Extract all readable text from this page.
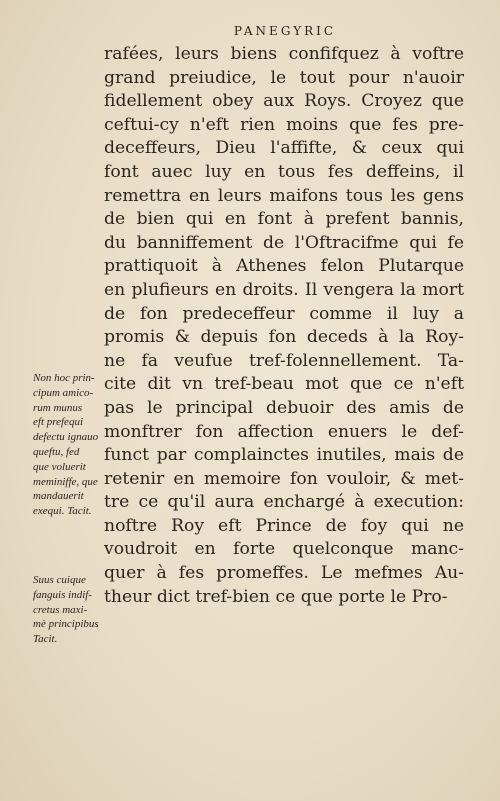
PANEGYRIC
rafées, leurs biens confifquez à voftre
grand preiudice, le tout pour n'auoir
fidellement obey aux Roys. Croyez que
ceftui-cy n'eft rien moins que fes pre-
deceffeurs, Dieu l'affifte, & ceux qui
font auec luy en tous fes deffeins, il
remettra en leurs maifons tous les gens
de bien qui en font à prefent bannis,
du banniffement de l'Oftracifme qui fe
prattiquoit à Athenes felon Plutarque
en plufieurs en droits. Il vengera la mort
de fon predeceffeur comme il luy a
promis & depuis fon deceds à la Roy-
ne fa veufue tref-folennellement. Ta-
cite dit vn tref-beau mot que ce n'eft
pas le principal debuoir des amis de
monftrer fon affection enuers le def-
funct par complainctes inutiles, mais de
retenir en memoire fon vouloir, & met-
tre ce qu'il aura enchargé à execution:
noftre Roy eft Prince de foy qui ne
voudroit en forte quelconque manc-
quer à fes promeffes. Le mefmes Au-
theur dict tref-bien ce que porte le Pro-
Non hoc prin-
cipum amico-
rum munus
eft prefequi
defectu ignauo
queftu, fed
que voluerit
meminiffe, que
mandauerit
exequi. Tacit.
Suus cuique
fanguis indif-
cretus maxi-
mè principibus
Tacit.
